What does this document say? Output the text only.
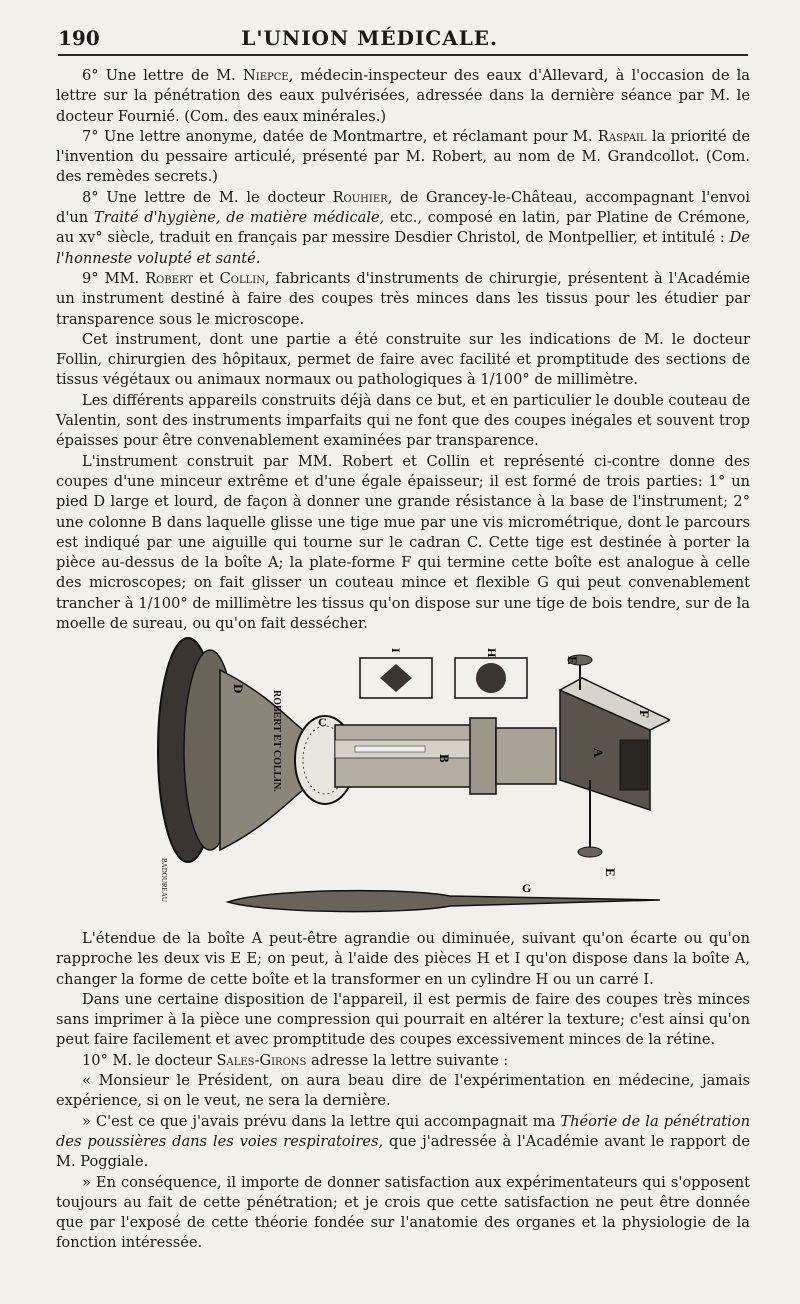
190	L'UNION MÉDICALE.

6° Une lettre de M. Niepce, médecin-inspecteur des eaux d'Allevard, à l'occasion de la lettre sur la pénétration des eaux pulvérisées, adressée dans la dernière séance par M. le docteur Fournié. (Com. des eaux minérales.)

7° Une lettre anonyme, datée de Montmartre, et réclamant pour M. Raspail la priorité de l'invention du pessaire articulé, présenté par M. Robert, au nom de M. Grandcollot. (Com. des remèdes secrets.)

8° Une lettre de M. le docteur Rouhier, de Grancey-le-Château, accompagnant l'envoi d'un Traité d'hygiène, de matière médicale, etc., composé en latin, par Platine de Crémone, au xv° siècle, traduit en français par messire Desdier Christol, de Montpellier, et intitulé : De l'honneste volupté et santé.

9° MM. Robert et Collin, fabricants d'instruments de chirurgie, présentent à l'Académie un instrument destiné à faire des coupes très minces dans les tissus pour les étudier par transparence sous le microscope.

Cet instrument, dont une partie a été construite sur les indications de M. le docteur Follin, chirurgien des hôpitaux, permet de faire avec facilité et promptitude des sections de tissus végétaux ou animaux normaux ou pathologiques à 1/100° de millimètre.

Les différents appareils construits déjà dans ce but, et en particulier le double couteau de Valentin, sont des instruments imparfaits qui ne font que des coupes inégales et souvent trop épaisses pour être convenablement examinées par transparence.

L'instrument construit par MM. Robert et Collin et représenté ci-contre donne des coupes d'une minceur extrême et d'une égale épaisseur; il est formé de trois parties: 1° un pied D large et lourd, de façon à donner une grande résistance à la base de l'instrument; 2° une colonne B dans laquelle glisse une tige mue par une vis micrométrique, dont le parcours est indiqué par une aiguille qui tourne sur le cadran C. Cette tige est destinée à porter la pièce au-dessus de la boîte A; la plate-forme F qui termine cette boîte est analogue à celle des microscopes; on fait glisser un couteau mince et flexible G qui peut convenablement trancher à 1/100° de millimètre les tissus qu'on dispose sur une tige de bois tendre, sur de la moelle de sureau, ou qu'on fait dessécher.

D
C
B
A
F
E
E
G
I	H
ROBERT ET COLLIN.
BADOUREAU

L'étendue de la boîte A peut-être agrandie ou diminuée, suivant qu'on écarte ou qu'on rapproche les deux vis E E; on peut, à l'aide des pièces H et I qu'on dispose dans la boîte A, changer la forme de cette boîte et la transformer en un cylindre H ou un carré I.

Dans une certaine disposition de l'appareil, il est permis de faire des coupes très minces sans imprimer à la pièce une compression qui pourrait en altérer la texture; c'est ainsi qu'on peut faire facilement et avec promptitude des coupes excessivement minces de la rétine.

10° M. le docteur Sales-Girons adresse la lettre suivante :

« Monsieur le Président, on aura beau dire de l'expérimentation en médecine, jamais expérience, si on le veut, ne sera la dernière.

» C'est ce que j'avais prévu dans la lettre qui accompagnait ma Théorie de la pénétration des poussières dans les voies respiratoires, que j'adressée à l'Académie avant le rapport de M. Poggiale.

» En conséquence, il importe de donner satisfaction aux expérimentateurs qui s'opposent toujours au fait de cette pénétration; et je crois que cette satisfaction ne peut être donnée que par l'exposé de cette théorie fondée sur l'anatomie des organes et la physiologie de la fonction intéressée.
